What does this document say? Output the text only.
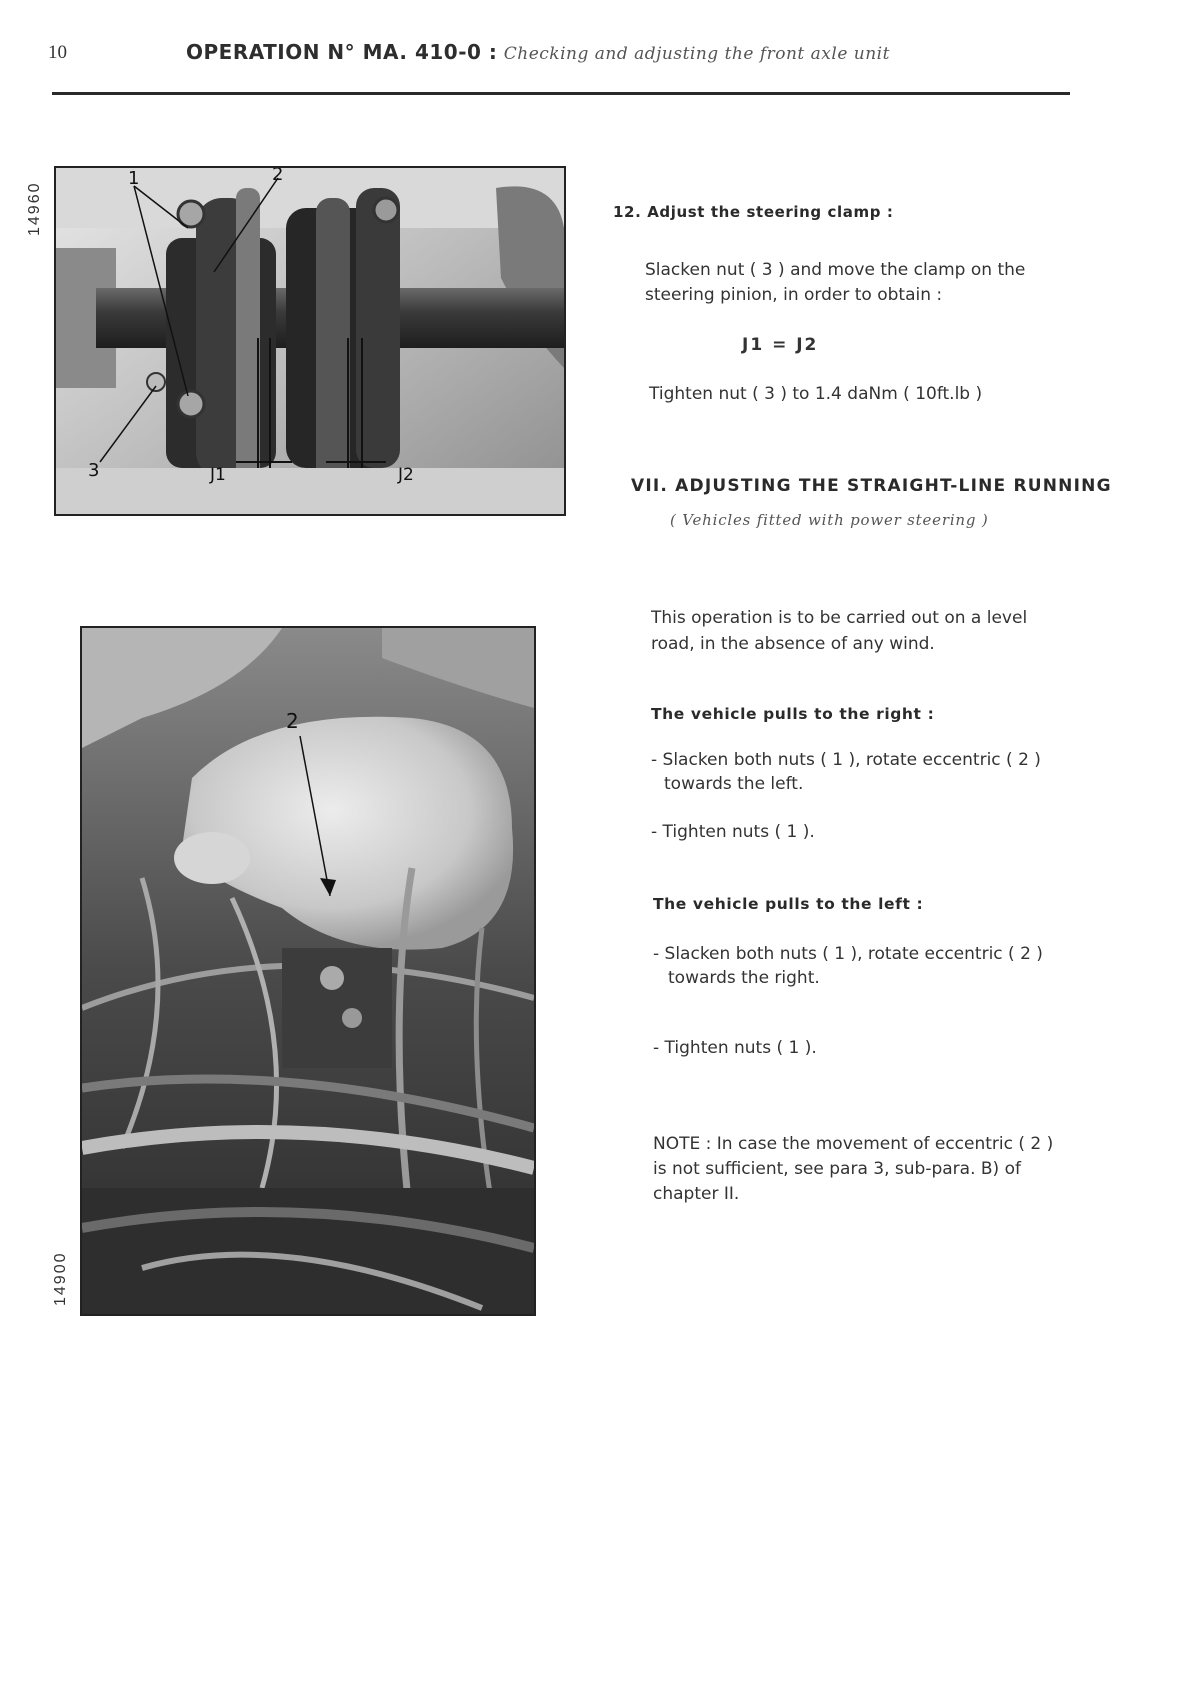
10	OPERATION N° MA. 410-0 : Checking and adjusting the front axle unit
14960
14900
1	2
3	J1	J2
2
12. Adjust the steering clamp :
Slacken nut ( 3 ) and move the clamp on the
steering pinion, in order to obtain :
J1 = J2
Tighten nut ( 3 ) to 1.4 daNm ( 10ft.lb )
VII. ADJUSTING THE STRAIGHT-LINE RUNNING
( Vehicles fitted with power steering )
This operation is to be carried out on a level
road, in the absence of any wind.
The vehicle pulls to the right :
- Slacken both nuts ( 1 ), rotate eccentric ( 2 )
towards the left.
- Tighten nuts ( 1 ).
The vehicle pulls to the left :
- Slacken both nuts ( 1 ), rotate eccentric ( 2 )
towards the right.
- Tighten nuts ( 1 ).
NOTE : In case the movement of eccentric ( 2 )
is not sufficient, see para 3, sub-para. B) of
chapter II.
